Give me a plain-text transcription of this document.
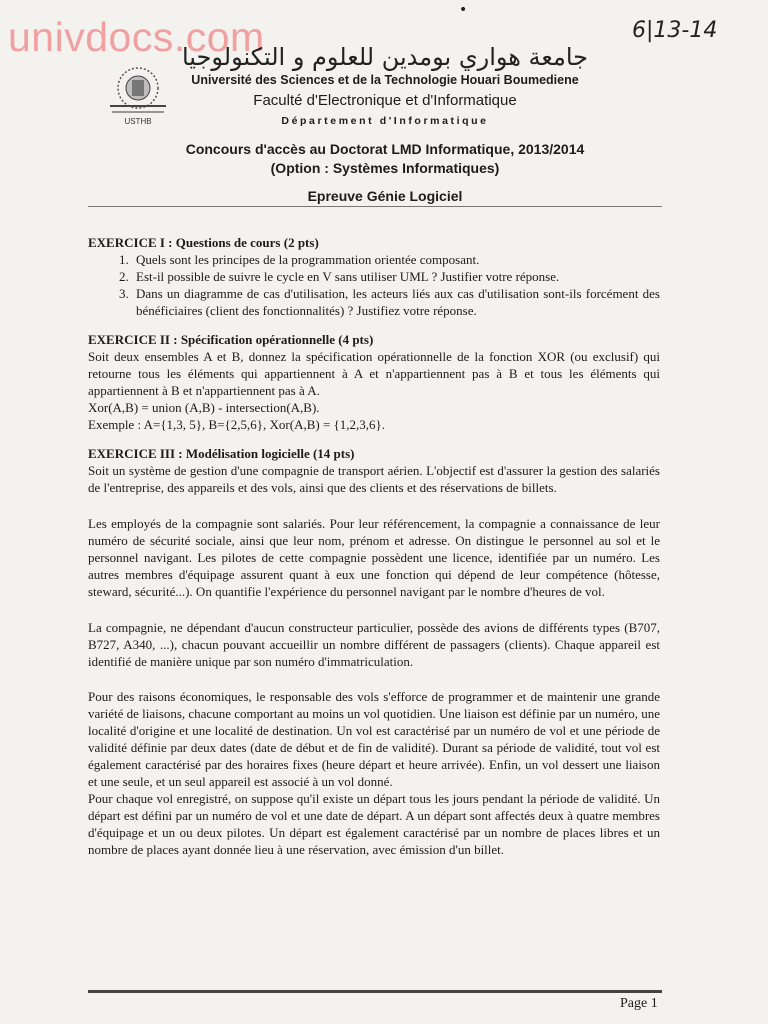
univdocs.com
•
6|13-14
USTHB
جامعة هواري بومدين للعلوم و التكنولوجيا
Université des Sciences et de la Technologie Houari Boumediene
Faculté d'Electronique et d'Informatique
Département d'Informatique
Concours d'accès au Doctorat LMD Informatique, 2013/2014
(Option : Systèmes Informatiques)
Epreuve Génie Logiciel

EXERCICE I : Questions de cours (2 pts)

1. Quels sont les principes de la programmation orientée composant.
2. Est-il possible de suivre le cycle en V sans utiliser UML ? Justifier votre réponse.
3. Dans un diagramme de cas d'utilisation, les acteurs liés aux cas d'utilisation sont-ils forcément des bénéficiaires (client des fonctionnalités) ? Justifiez votre réponse.

EXERCICE II : Spécification opérationnelle (4 pts)

Soit deux ensembles A et B, donnez la spécification opérationnelle de la fonction XOR (ou exclusif) qui retourne tous les éléments qui appartiennent à A et n'appartiennent pas à B et tous les éléments qui appartiennent à B et n'appartiennent pas à A.

Xor(A,B) = union (A,B) - intersection(A,B).

Exemple : A={1,3, 5}, B={2,5,6}, Xor(A,B) = {1,2,3,6}.

EXERCICE III : Modélisation logicielle (14 pts)

Soit un système de gestion d'une compagnie de transport aérien. L'objectif est d'assurer la gestion des salariés de l'entreprise, des appareils et des vols, ainsi que des clients et des réservations de billets.

Les employés de la compagnie sont salariés. Pour leur référencement, la compagnie a connaissance de leur numéro de sécurité sociale, ainsi que leur nom, prénom et adresse. On distingue le personnel au sol et le personnel navigant. Les pilotes de cette compagnie possèdent une licence, identifiée par un numéro. Les autres membres d'équipage assurent quant à eux une fonction qui dépend de leur compétence (hôtesse, steward, sécurité...). On quantifie l'expérience du personnel navigant par le nombre d'heures de vol.

La compagnie, ne dépendant d'aucun constructeur particulier, possède des avions de différents types (B707, B727, A340, ...), chacun pouvant accueillir un nombre différent de passagers (clients). Chaque appareil est identifié de manière unique par son numéro d'immatriculation.

Pour des raisons économiques, le responsable des vols s'efforce de programmer et de maintenir une grande variété de liaisons, chacune comportant au moins un vol quotidien. Une liaison est définie par un numéro, une localité d'origine et une localité de destination. Un vol est caractérisé par un numéro de vol et une période de validité définie par deux dates (date de début et de fin de validité). Durant sa période de validité, tout vol est également caractérisé par des horaires fixes (heure départ et heure arrivée). Enfin, un vol dessert une liaison et une seule, et un seul appareil est associé à un vol donné.

Pour chaque vol enregistré, on suppose qu'il existe un départ tous les jours pendant la période de validité. Un départ est défini par un numéro de vol et une date de départ. A un départ sont affectés deux à quatre membres d'équipage et un ou deux pilotes. Un départ est également caractérisé par un nombre de places libres et un nombre de places ayant donnée lieu à une réservation, avec émission d'un billet.

Page 1
